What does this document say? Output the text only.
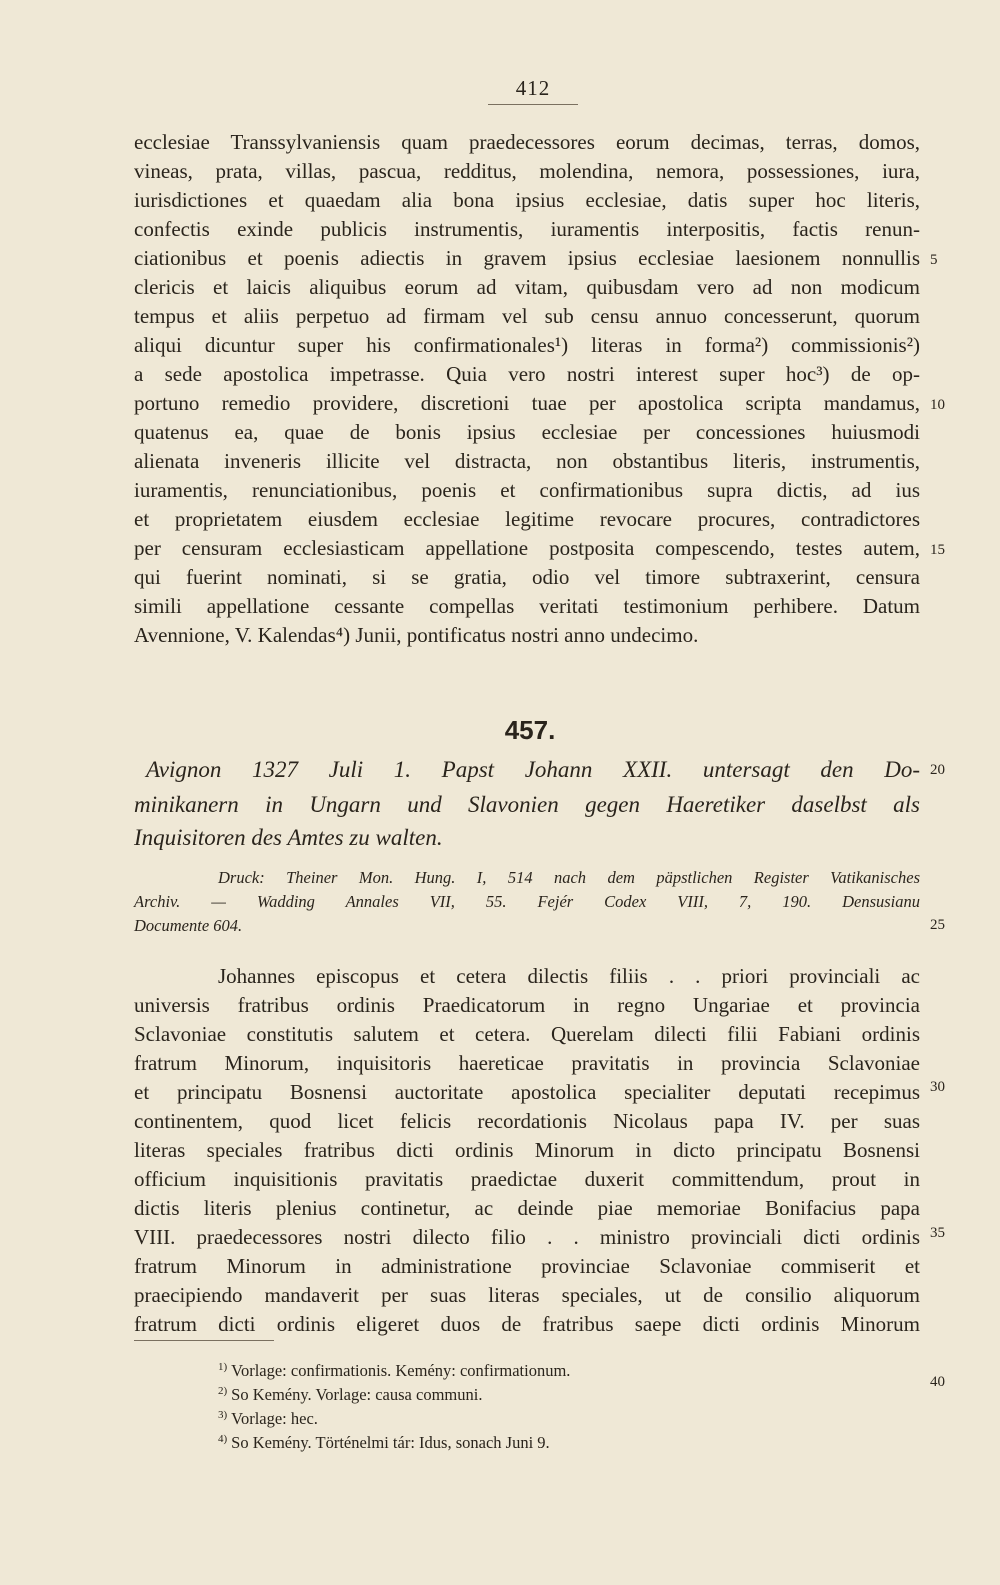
412
ecclesiae Transsylvaniensis quam praedecessores eorum decimas, terras, domos,
vineas, prata, villas, pascua, redditus, molendina, nemora, possessiones, iura,
iurisdictiones et quaedam alia bona ipsius ecclesiae, datis super hoc literis,
confectis exinde publicis instrumentis, iuramentis interpositis, factis renun-
ciationibus et poenis adiectis in gravem ipsius ecclesiae laesionem nonnullis
clericis et laicis aliquibus eorum ad vitam, quibusdam vero ad non modicum
tempus et aliis perpetuo ad firmam vel sub censu annuo concesserunt, quorum
aliqui dicuntur super his confirmationales¹) literas in forma²) commissionis²)
a sede apostolica impetrasse. Quia vero nostri interest super hoc³) de op-
portuno remedio providere, discretioni tuae per apostolica scripta mandamus,
quatenus ea, quae de bonis ipsius ecclesiae per concessiones huiusmodi
alienata inveneris illicite vel distracta, non obstantibus literis, instrumentis,
iuramentis, renunciationibus, poenis et confirmationibus supra dictis, ad ius
et proprietatem eiusdem ecclesiae legitime revocare procures, contradictores
per censuram ecclesiasticam appellatione postposita compescendo, testes autem,
qui fuerint nominati, si se gratia, odio vel timore subtraxerint, censura
simili appellatione cessante compellas veritati testimonium perhibere. Datum
Avennione, V. Kalendas⁴) Junii, pontificatus nostri anno undecimo.
457.
Avignon 1327 Juli 1. Papst Johann XXII. untersagt den Do-
minikanern in Ungarn und Slavonien gegen Haeretiker daselbst als
Inquisitoren des Amtes zu walten.
Druck: Theiner Mon. Hung. I, 514 nach dem päpstlichen Register Vatikanisches
Archiv. — Wadding Annales VII, 55. Fejér Codex VIII, 7, 190. Densusianu
Documente 604.
Johannes episcopus et cetera dilectis filiis . . priori provinciali ac
universis fratribus ordinis Praedicatorum in regno Ungariae et provincia
Sclavoniae constitutis salutem et cetera. Querelam dilecti filii Fabiani ordinis
fratrum Minorum, inquisitoris haereticae pravitatis in provincia Sclavoniae
et principatu Bosnensi auctoritate apostolica specialiter deputati recepimus
continentem, quod licet felicis recordationis Nicolaus papa IV. per suas
literas speciales fratribus dicti ordinis Minorum in dicto principatu Bosnensi
officium inquisitionis pravitatis praedictae duxerit committendum, prout in
dictis literis plenius continetur, ac deinde piae memoriae Bonifacius papa
VIII. praedecessores nostri dilecto filio . . ministro provinciali dicti ordinis
fratrum Minorum in administratione provinciae Sclavoniae commiserit et
praecipiendo mandaverit per suas literas speciales, ut de consilio aliquorum
fratrum dicti ordinis eligeret duos de fratribus saepe dicti ordinis Minorum
$^{1)}$ Vorlage: confirmationis. Kemény: confirmationum.
$^{2)}$ So Kemény. Vorlage: causa communi.
$^{3)}$ Vorlage: hec.
$^{4)}$ So Kemény. Történelmi tár: Idus, sonach Juni 9.
5
10
15
20
25
30
35
40
